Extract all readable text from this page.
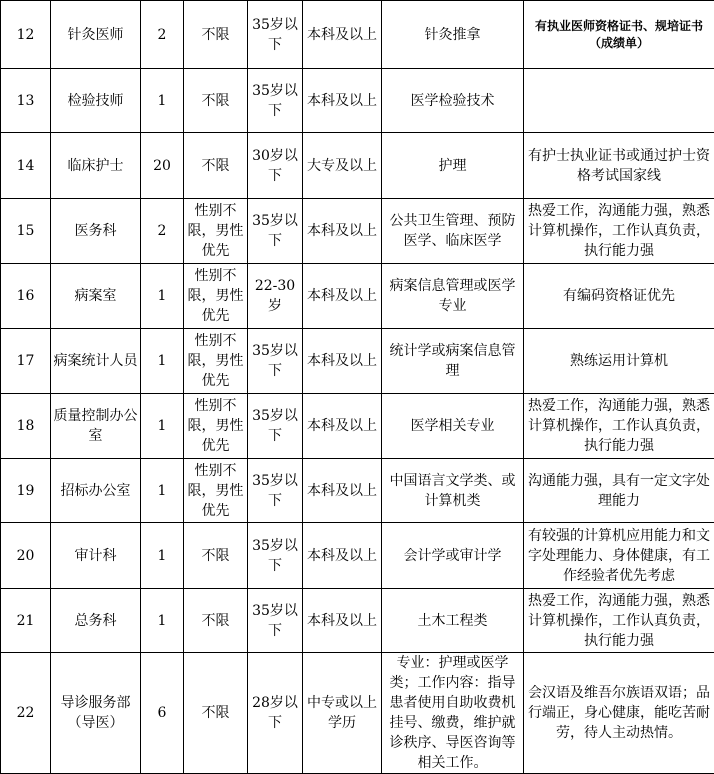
12	针灸医师	2	不限	35岁以下	本科及以上	针灸推拿	有执业医师资格证书、规培证书（成绩单）
13	检验技师	1	不限	35岁以下	本科及以上	医学检验技术	
14	临床护士	20	不限	30岁以下	大专及以上	护理	有护士执业证书或通过护士资格考试国家线
15	医务科	2	性别不限，男性优先	35岁以下	本科及以上	公共卫生管理、预防医学、临床医学	热爱工作，沟通能力强，熟悉计算机操作，工作认真负责，执行能力强
16	病案室	1	性别不限，男性优先	22-30岁	本科及以上	病案信息管理或医学专业	有编码资格证优先
17	病案统计人员	1	性别不限，男性优先	35岁以下	本科及以上	统计学或病案信息管理	熟练运用计算机
18	质量控制办公室	1	性别不限，男性优先	35岁以下	本科及以上	医学相关专业	热爱工作，沟通能力强，熟悉计算机操作，工作认真负责，执行能力强
19	招标办公室	1	性别不限，男性优先	35岁以下	本科及以上	中国语言文学类、或计算机类	沟通能力强，具有一定文字处理能力
20	审计科	1	不限	35岁以下	本科及以上	会计学或审计学	有较强的计算机应用能力和文字处理能力、身体健康，有工作经验者优先考虑
21	总务科	1	不限	35岁以下	本科及以上	土木工程类	热爱工作，沟通能力强，熟悉计算机操作，工作认真负责，执行能力强
22	导诊服务部（导医）	6	不限	28岁以下	中专或以上学历	专业：护理或医学类；工作内容：指导患者使用自助收费机挂号、缴费，维护就诊秩序、导医咨询等相关工作。	会汉语及维吾尔族语双语；品行端正，身心健康，能吃苦耐劳，待人主动热情。
